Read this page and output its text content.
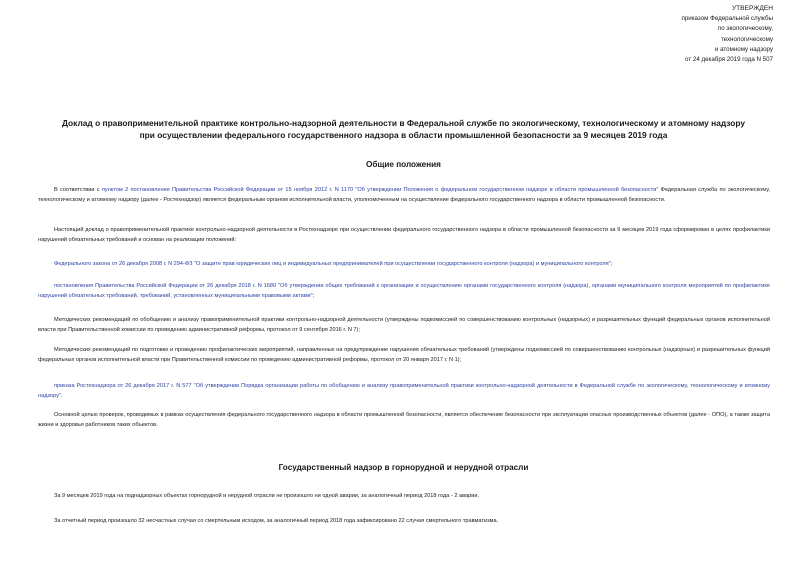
УТВЕРЖДЕН
приказом Федеральной службы
по экологическому,
технологическому
и атомному надзору
от 24 декабря 2019 года N 507
Доклад о правоприменительной практике контрольно-надзорной деятельности в Федеральной службе по экологическому, технологическому и атомному надзору
при осуществлении федерального государственного надзора в области промышленной безопасности за 9 месяцев 2019 года
Общие положения

В соответствии с пунктом 2 постановления Правительства Российской Федерации от 15 ноября 2012 г. N 1170 "Об утверждении Положения о федеральном государственном надзоре в области промышленной безопасности" Федеральная служба по экологическому, технологическому и атомному надзору (далее - Ростехнадзор) является федеральным органом исполнительной власти, уполномоченным на осуществление федерального государственного надзора в области промышленной безопасности.

Настоящий доклад о правоприменительной практике контрольно-надзорной деятельности в Ростехнадзоре при осуществлении федерального государственного надзора в области промышленной безопасности за 9 месяцев 2019 года сформирован в целях профилактики нарушений обязательных требований и основан на реализации положений:

Федерального закона от 26 декабря 2008 г. N 294-ФЗ "О защите прав юридических лиц и индивидуальных предпринимателей при осуществлении государственного контроля (надзора) и муниципального контроля";

постановления Правительства Российской Федерации от 26 декабря 2018 г. N 1680 "Об утверждении общих требований к организации и осуществлению органами государственного контроля (надзора), органами муниципального контроля мероприятий по профилактике нарушений обязательных требований, требований, установленных муниципальными правовыми актами";

Методических рекомендаций по обобщению и анализу правоприменительной практики контрольно-надзорной деятельности (утверждены подкомиссией по совершенствованию контрольных (надзорных) и разрешительных функций федеральных органов исполнительной власти при Правительственной комиссии по проведению административной реформы, протокол от 9 сентября 2016 г. N 7);

Методических рекомендаций по подготовке и проведению профилактических мероприятий, направленных на предупреждение нарушения обязательных требований (утверждены подкомиссией по совершенствованию контрольных (надзорных) и разрешительных функций федеральных органов исполнительной власти при Правительственной комиссии по проведению административной реформы, протокол от 20 января 2017 г. N 1);

приказа Ростехнадзора от 26 декабря 2017 г. N 577 "Об утверждении Порядка организации работы по обобщению и анализу правоприменительной практики контрольно-надзорной деятельности в Федеральной службе по экологическому, технологическому и атомному надзору".

Основной целью проверок, проводимых в рамках осуществления федерального государственного надзора в области промышленной безопасности, является обеспечение безопасности при эксплуатации опасных производственных объектов (далее - ОПО), а также защита жизни и здоровья работников таких объектов.

Государственный надзор в горнорудной и нерудной отрасли

За 9 месяцев 2019 года на поднадзорных объектах горнорудной и нерудной отрасли не произошло ни одной аварии, за аналогичный период 2018 года - 2 аварии.

За отчетный период произошло 32 несчастных случая со смертельным исходом, за аналогичный период 2018 года зафиксировано 22 случая смертельного травматизма.
